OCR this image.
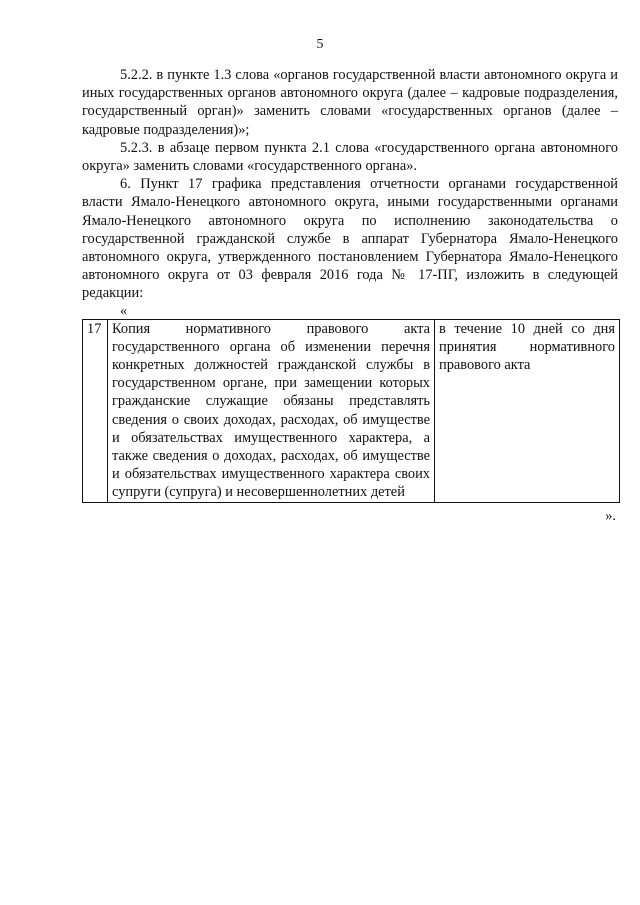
5

5.2.2. в пункте 1.3 слова «органов государственной власти автономного округа и иных государственных органов автономного округа (далее – кадровые подразделения, государственный орган)» заменить словами «государственных органов (далее – кадровые подразделения)»;

5.2.3. в абзаце первом пункта 2.1 слова «государственного органа автономного округа» заменить словами «государственного органа».

6. Пункт 17 графика представления отчетности органами государственной власти Ямало-Ненецкого автономного округа, иными государственными органами Ямало-Ненецкого автономного округа по исполнению законодательства о государственной гражданской службе в аппарат Губернатора Ямало-Ненецкого автономного округа, утвержденного постановлением Губернатора Ямало-Ненецкого автономного округа от 03 февраля 2016 года № 17-ПГ, изложить в следующей редакции:

«

17	Копия нормативного правового акта государственного органа об изменении перечня конкретных должностей гражданской службы в государственном органе, при замещении которых гражданские служащие обязаны представлять сведения о своих доходах, расходах, об имуществе и обязательствах имущественного характера, а также сведения о доходах, расходах, об имуществе и обязательствах имущественного характера своих супруги (супруга) и несовершеннолетних детей	в течение 10 дней со дня принятия нормативного правового акта

».
